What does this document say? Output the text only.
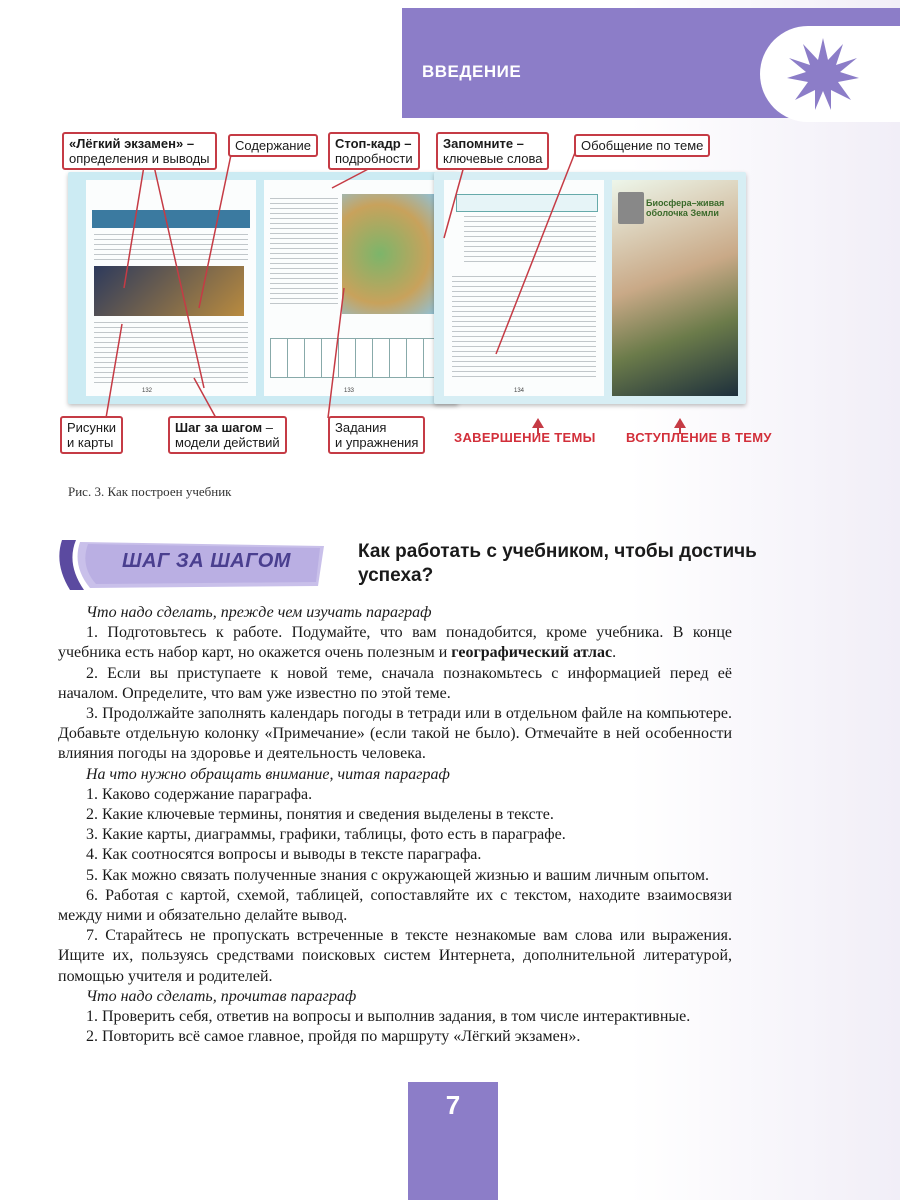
ВВЕДЕНИЕ
132	133	134
Биосфера–живая оболочка Земли
«Лёгкий экзамен» –
определения и выводы
Содержание	Стоп-кадр –
подробности
Запомните –
ключевые слова
Обобщение по теме
Рисунки
и карты
Шаг за шагом –
модели действий
Задания
и упражнения	ЗАВЕРШЕНИЕ ТЕМЫ ВСТУПЛЕНИЕ В ТЕМУ
Рис. 3. Как построен учебник
ШАГ ЗА ШАГОМ	Как работать с учебником, чтобы достичь успеха?

Что надо сделать, прежде чем изучать параграф

1. Подготовьтесь к работе. Подумайте, что вам понадобится, кроме учебника. В конце учебника есть набор карт, но окажется очень полезным и географический атлас.

2. Если вы приступаете к новой теме, сначала познакомьтесь с информацией перед её началом. Определите, что вам уже известно по этой теме.

3. Продолжайте заполнять календарь погоды в тетради или в отдельном файле на компьютере. Добавьте отдельную колонку «Примечание» (если такой не было). Отмечайте в ней особенности влияния погоды на здоровье и деятельность человека.

На что нужно обращать внимание, читая параграф

1. Каково содержание параграфа.

2. Какие ключевые термины, понятия и сведения выделены в тексте.

3. Какие карты, диаграммы, графики, таблицы, фото есть в параграфе.

4. Как соотносятся вопросы и выводы в тексте параграфа.

5. Как можно связать полученные знания с окружающей жизнью и вашим личным опытом.

6. Работая с картой, схемой, таблицей, сопоставляйте их с текстом, находите взаимосвязи между ними и обязательно делайте вывод.

7. Старайтесь не пропускать встреченные в тексте незнакомые вам слова или выражения. Ищите их, пользуясь средствами поисковых систем Интернета, дополнительной литературой, помощью учителя и родителей.

Что надо сделать, прочитав параграф

1. Проверить себя, ответив на вопросы и выполнив задания, в том числе интерактивные.

2. Повторить всё самое главное, пройдя по маршруту «Лёгкий экзамен».

7
